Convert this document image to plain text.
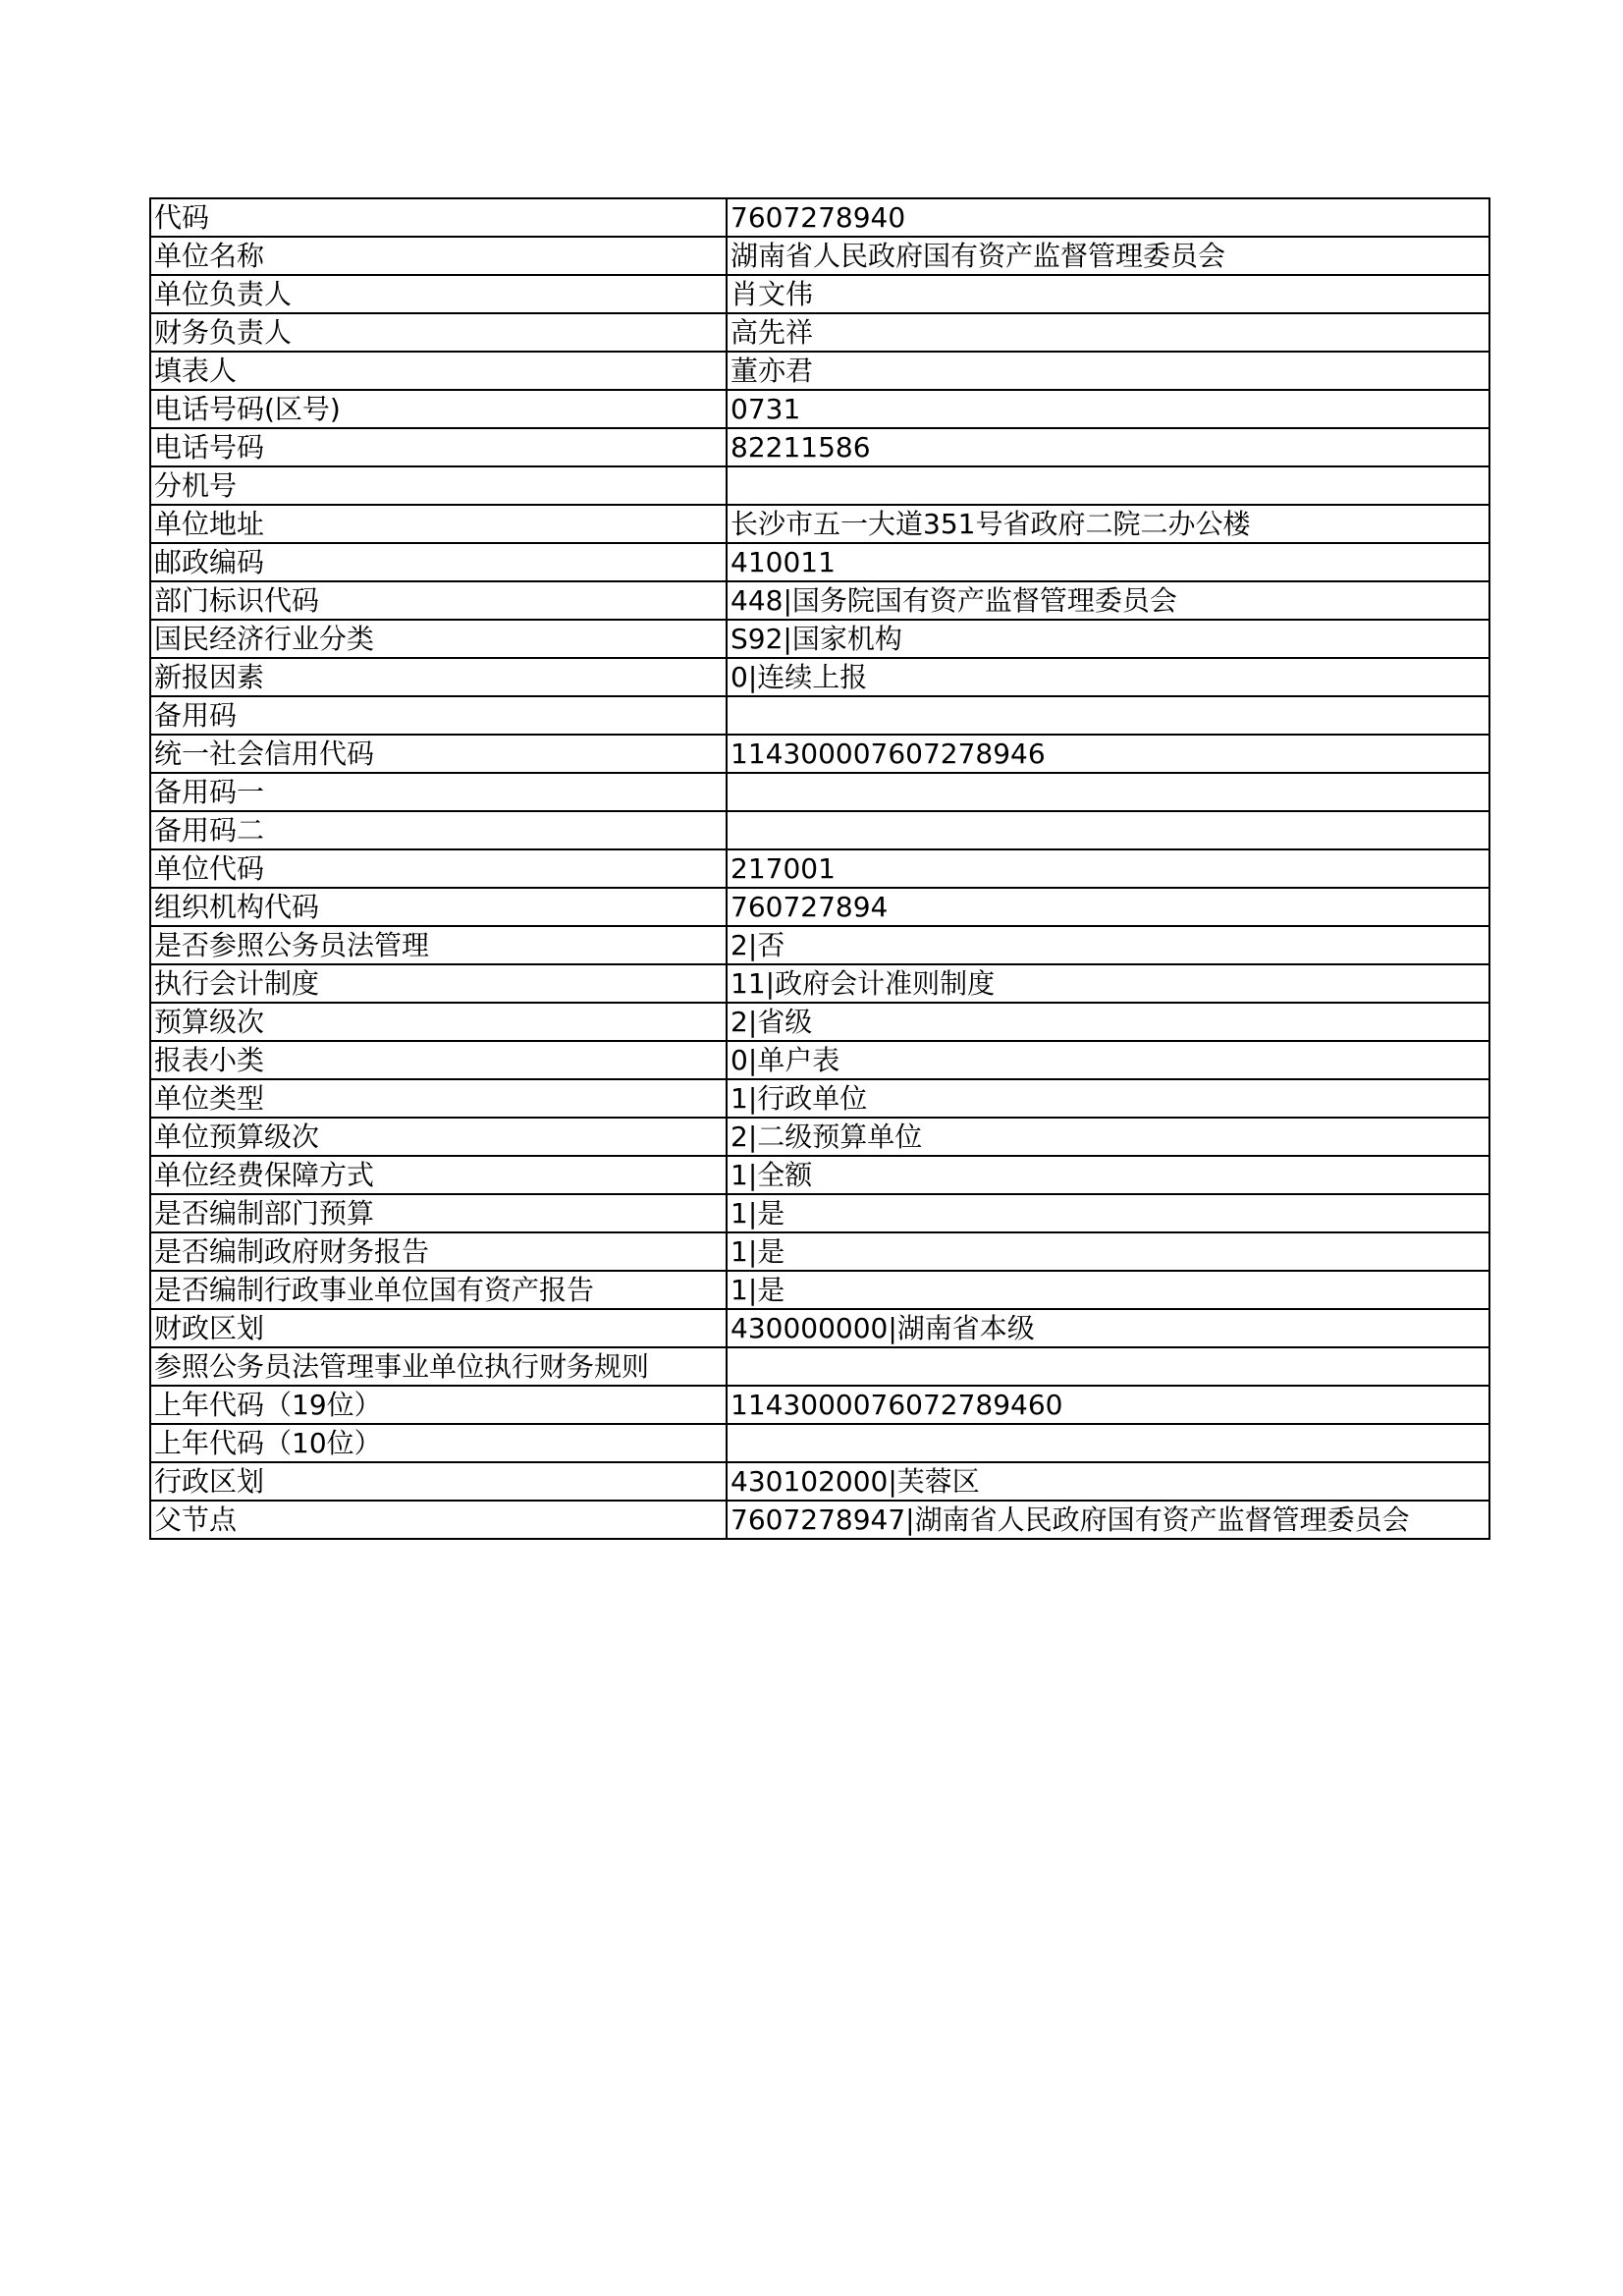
代码	7607278940
单位名称	湖南省人民政府国有资产监督管理委员会
单位负责人	肖文伟
财务负责人	高先祥
填表人	董亦君
电话号码(区号)	0731
电话号码	82211586
分机号	
单位地址	长沙市五一大道351号省政府二院二办公楼
邮政编码	410011
部门标识代码	448|国务院国有资产监督管理委员会
国民经济行业分类	S92|国家机构
新报因素	0|连续上报
备用码	
统一社会信用代码	11430000760727894​6
备用码一	
备用码二	
单位代码	217001
组织机构代码	760727894
是否参照公务员法管理	2|否
执行会计制度	11|政府会计准则制度
预算级次	2|省级
报表小类	0|单户表
单位类型	1|行政单位
单位预算级次	2|二级预算单位
单位经费保障方式	1|全额
是否编制部门预算	1|是
是否编制政府财务报告	1|是
是否编制行政事业单位国有资产报告	1|是
财政区划	430000000|湖南省本级
参照公务员法管理事业单位执行财务规则	
上年代码（19位）	1143000076072789460
上年代码（10位）	
行政区划	430102000|芙蓉区
父节点	7607278947|湖南省人民政府国有资产监督管理委员会
